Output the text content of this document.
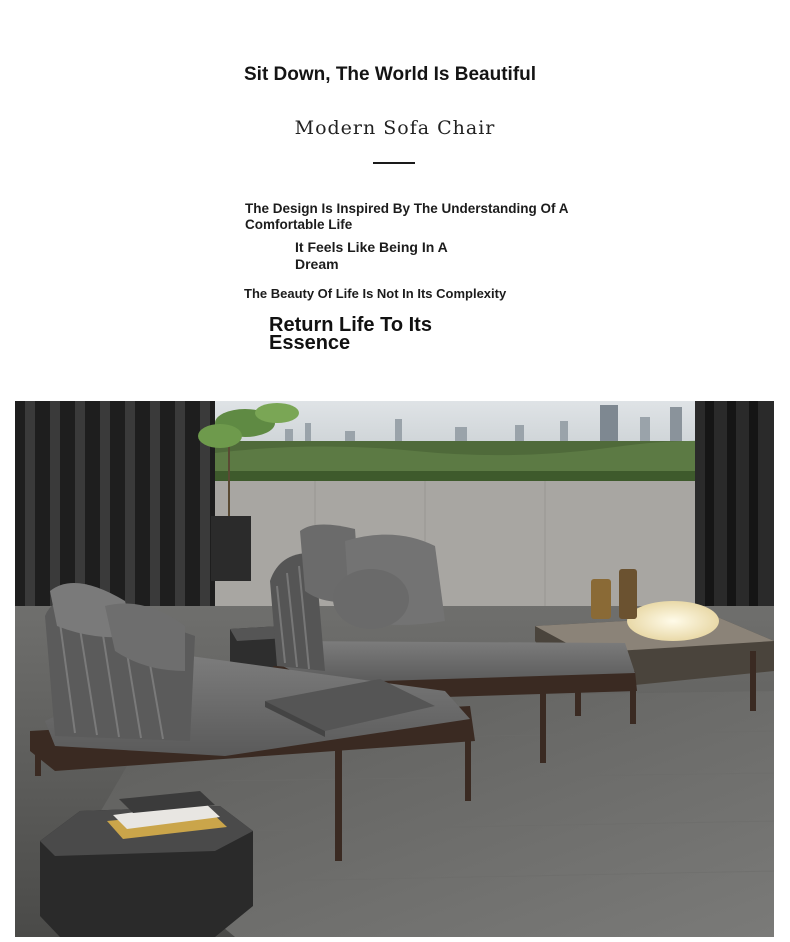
Sit Down, The World Is Beautiful
Modern Sofa Chair
The Design Is Inspired By The Understanding Of A Comfortable Life
It Feels Like Being In A Dream
The Beauty Of Life Is Not In Its Complexity
Return Life To Its Essence
